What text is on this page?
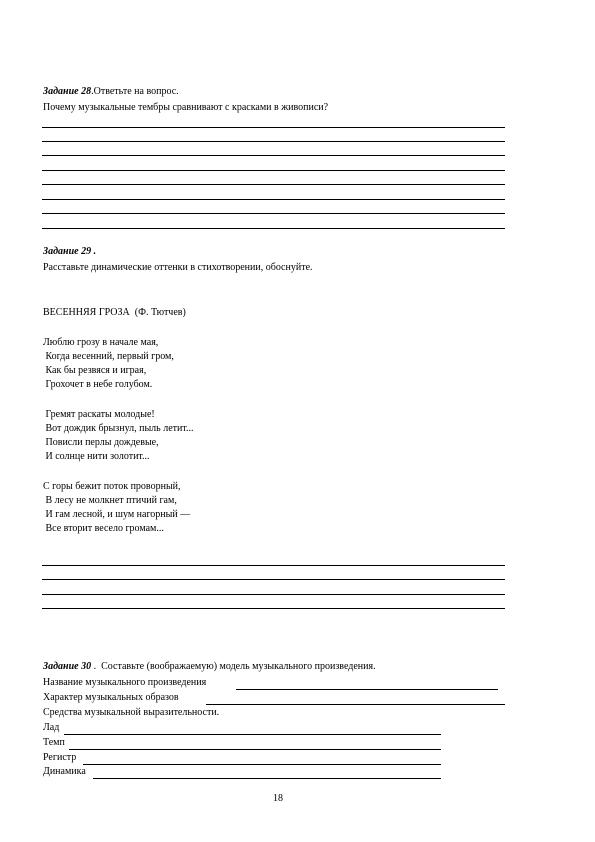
Задание 28.Ответьте на вопрос.
Почему музыкальные тембры сравнивают с красками в живописи?
Задание 29 .
Расставьте динамические оттенки в стихотворении, обоснуйте.
ВЕСЕННЯЯ ГРОЗА  (Ф. Тютчев)
Люблю грозу в начале мая,
Когда весенний, первый гром,
Как бы резвяся и играя,
Грохочет в небе голубом.
Гремят раскаты молодые!
Вот дождик брызнул, пыль летит...
Повисли перлы дождевые,
И солнце нити золотит...
С горы бежит поток проворный,
В лесу не молкнет птичий гам,
И гам лесной, и шум нагорный —
Все вторит весело громам...
Задание 30 .  Составьте (воображаемую) модель музыкального произведения.
Название музыкального произведения
Характер музыкальных образов
Средства музыкальной выразительности.
Лад
Темп
Регистр
Динамика
18
